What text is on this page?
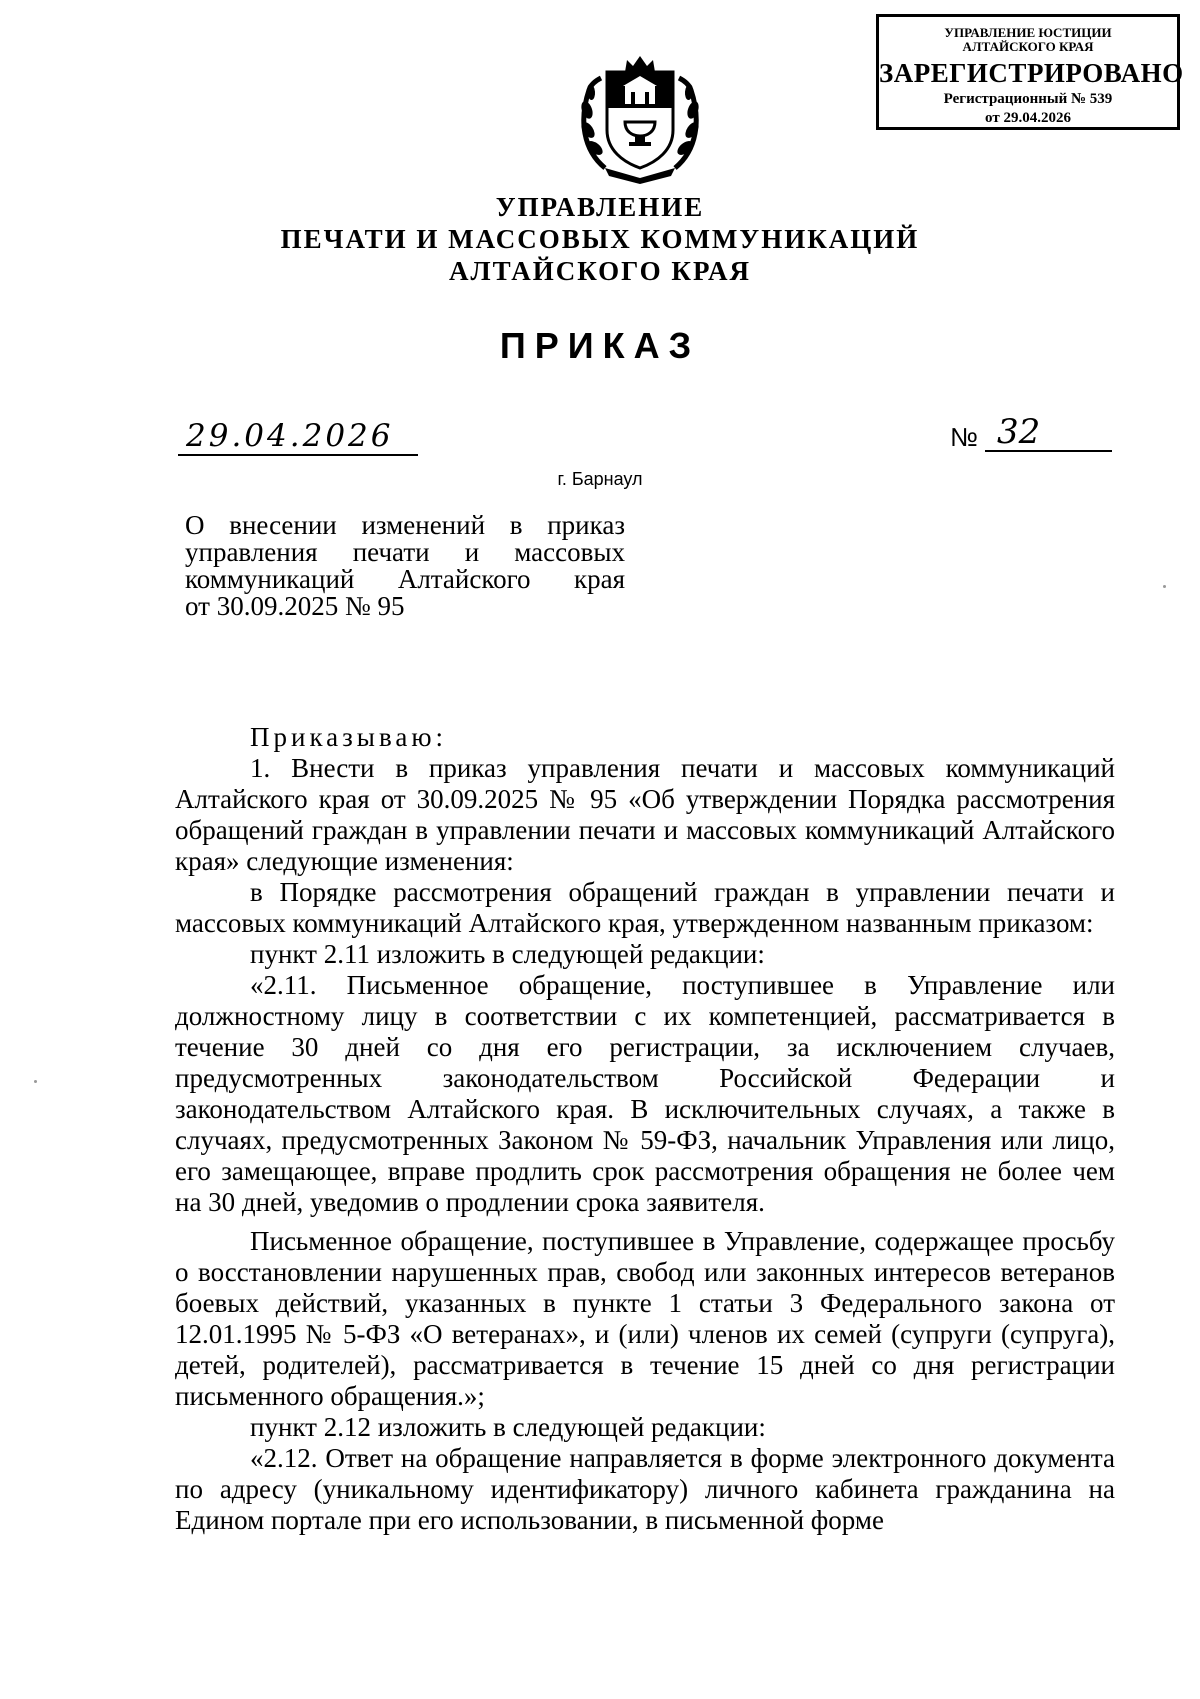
УПРАВЛЕНИЕ ЮСТИЦИИ
АЛТАЙСКОГО КРАЯ
ЗАРЕГИСТРИРОВАНО
Регистрационный № 539
от 29.04.2026
УПРАВЛЕНИЕ
ПЕЧАТИ И МАССОВЫХ КОММУНИКАЦИЙ
АЛТАЙСКОГО КРАЯ
ПРИКАЗ
29.04.2026	№ 32
г. Барнаул
О внесении изменений в приказ
управления печати и массовых
коммуникаций Алтайского края
от 30.09.2025 № 95

Приказываю:

1. Внести в приказ управления печати и массовых коммуникаций Алтайского края от 30.09.2025 № 95 «Об утверждении Порядка рассмотрения обращений граждан в управлении печати и массовых коммуникаций Алтайского края» следующие изменения:

в Порядке рассмотрения обращений граждан в управлении печати и массовых коммуникаций Алтайского края, утвержденном названным приказом:

пункт 2.11 изложить в следующей редакции:

«2.11. Письменное обращение, поступившее в Управление или должностному лицу в соответствии с их компетенцией, рассматривается в течение 30 дней со дня его регистрации, за исключением случаев, предусмотренных законодательством Российской Федерации и законодательством Алтайского края. В исключительных случаях, а также в случаях, предусмотренных Законом № 59-ФЗ, начальник Управления или лицо, его замещающее, вправе продлить срок рассмотрения обращения не более чем на 30 дней, уведомив о продлении срока заявителя.

Письменное обращение, поступившее в Управление, содержащее просьбу о восстановлении нарушенных прав, свобод или законных интересов ветеранов боевых действий, указанных в пункте 1 статьи 3 Федерального закона от 12.01.1995 № 5-ФЗ «О ветеранах», и (или) членов их семей (супруги (супруга), детей, родителей), рассматривается в течение 15 дней со дня регистрации письменного обращения.»;

пункт 2.12 изложить в следующей редакции:

«2.12. Ответ на обращение направляется в форме электронного документа по адресу (уникальному идентификатору) личного кабинета гражданина на Едином портале при его использовании, в письменной форме
